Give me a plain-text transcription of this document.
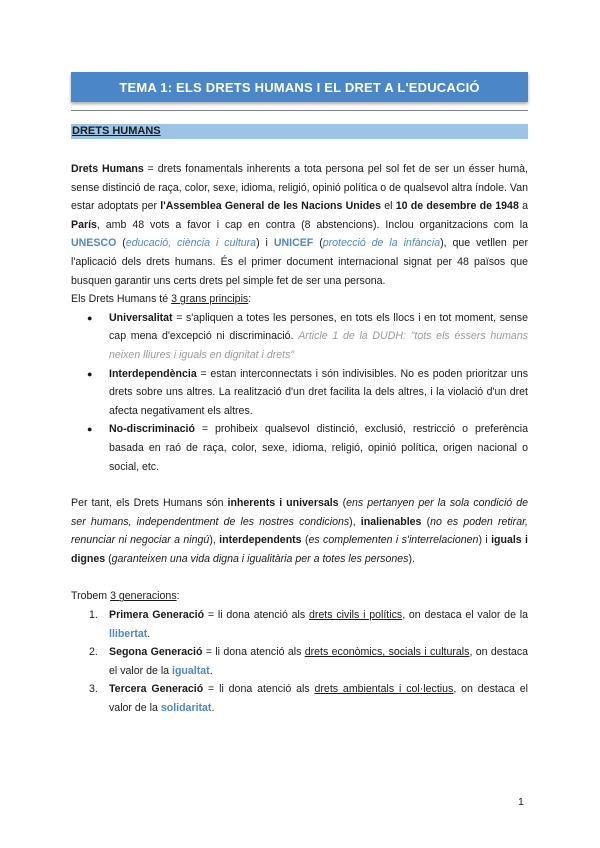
TEMA 1: ELS DRETS HUMANS I EL DRET A L'EDUCACIÓ
DRETS HUMANS

Drets Humans = drets fonamentals inherents a tota persona pel sol fet de ser un ésser humà, sense distinció de raça, color, sexe, idioma, religió, opinió política o de qualsevol altra índole. Van estar adoptats per l'Assemblea General de les Nacions Unides el 10 de desembre de 1948 a París, amb 48 vots a favor i cap en contra (8 abstencions). Inclou organitzacions com la UNESCO (educació, ciència i cultura) i UNICEF (protecció de la infància), que vetllen per l'aplicació dels drets humans. És el primer document internacional signat per 48 països que busquen garantir uns certs drets pel simple fet de ser una persona.

Els Drets Humans té 3 grans principis:

● Universalitat = s'apliquen a totes les persones, en tots els llocs i en tot moment, sense cap mena d'excepció ni discriminació. Article 1 de la DUDH: "tots els éssers humans neixen lliures i iguals en dignitat i drets"
● Interdependència = estan interconnectats i són indivisibles. No es poden prioritzar uns drets sobre uns altres. La realització d'un dret facilita la dels altres, i la violació d'un dret afecta negativament els altres.
● No-discriminació = prohibeix qualsevol distinció, exclusió, restricció o preferència basada en raó de raça, color, sexe, idioma, religió, opinió política, origen nacional o social, etc.

Per tant, els Drets Humans són inherents i universals (ens pertanyen per la sola condició de ser humans, independentment de les nostres condicions), inalienables (no es poden retirar, renunciar ni negociar a ningú), interdependents (es complementen i s'interrelacionen) i iguals i dignes (garanteixen una vida digna i igualitària per a totes les persones).

Trobem 3 generacions:

1. Primera Generació = li dona atenció als drets civils i polítics, on destaca el valor de la llibertat.
2. Segona Generació = li dona atenció als drets econòmics, socials i culturals, on destaca el valor de la igualtat.
3. Tercera Generació = li dona atenció als drets ambientals i col·lectius, on destaca el valor de la solidaritat.
1
